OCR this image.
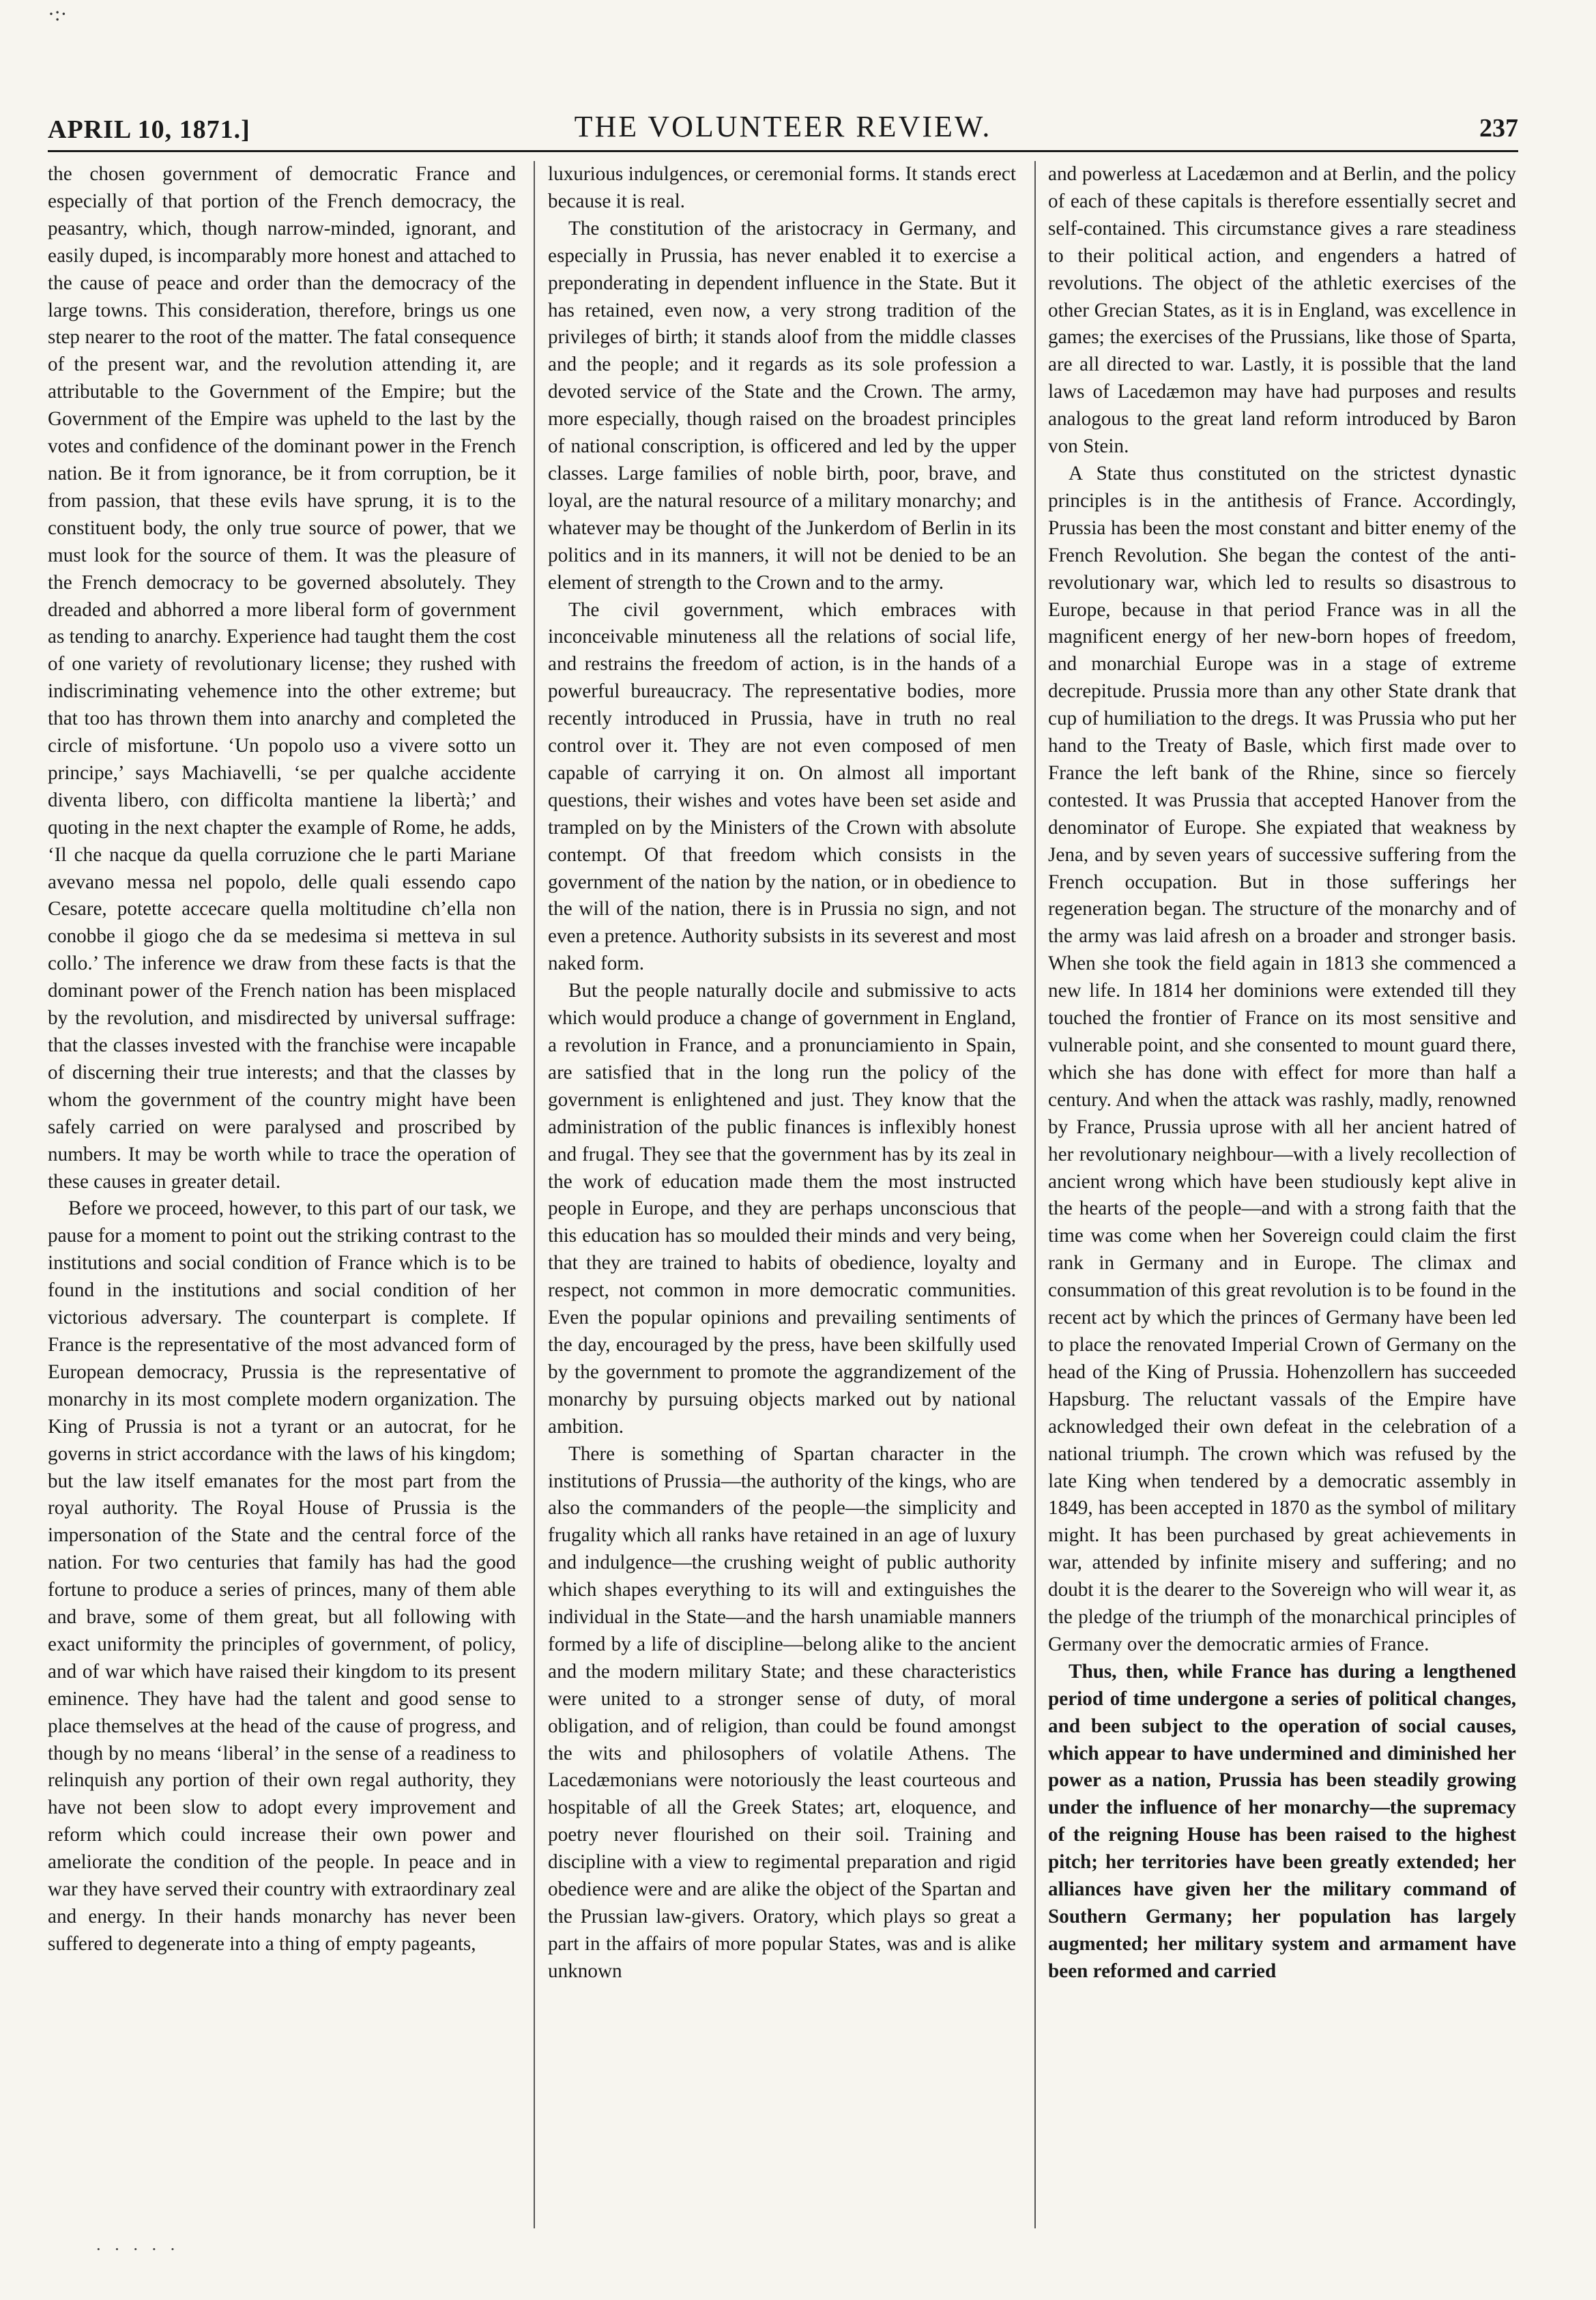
·:·
APRIL 10, 1871.]	THE VOLUNTEER REVIEW.	237

the chosen government of democratic France and especially of that portion of the French democracy, the peasantry, which, though narrow-minded, ignorant, and easily duped, is incomparably more honest and attached to the cause of peace and order than the democracy of the large towns. This consideration, therefore, brings us one step nearer to the root of the matter. The fatal consequence of the present war, and the revolution attending it, are attributable to the Government of the Empire; but the Government of the Empire was upheld to the last by the votes and confidence of the dominant power in the French nation. Be it from ignorance, be it from corruption, be it from passion, that these evils have sprung, it is to the constituent body, the only true source of power, that we must look for the source of them. It was the pleasure of the French democracy to be governed absolutely. They dreaded and abhorred a more liberal form of government as tending to anarchy. Experience had taught them the cost of one variety of revolutionary license; they rushed with indiscriminating vehemence into the other extreme; but that too has thrown them into anarchy and completed the circle of misfortune. ‘Un popolo uso a vivere sotto un principe,’ says Machiavelli, ‘se per qualche accidente diventa libero, con difficolta mantiene la libertà;’ and quoting in the next chapter the example of Rome, he adds, ‘Il che nacque da quella corruzione che le parti Mariane avevano messa nel popolo, delle quali essendo capo Cesare, potette accecare quella moltitudine ch’ella non conobbe il giogo che da se medesima si metteva in sul collo.’ The inference we draw from these facts is that the dominant power of the French nation has been misplaced by the revolution, and misdirected by universal suffrage: that the classes invested with the franchise were incapable of discerning their true interests; and that the classes by whom the government of the country might have been safely carried on were paralysed and proscribed by numbers. It may be worth while to trace the operation of these causes in greater detail.

Before we proceed, however, to this part of our task, we pause for a moment to point out the striking contrast to the institutions and social condition of France which is to be found in the institutions and social condition of her victorious adversary. The counterpart is complete. If France is the representative of the most advanced form of European democracy, Prussia is the representative of monarchy in its most complete modern organization. The King of Prussia is not a tyrant or an autocrat, for he governs in strict accordance with the laws of his kingdom; but the law itself emanates for the most part from the royal authority. The Royal House of Prussia is the impersonation of the State and the central force of the nation. For two centuries that family has had the good fortune to produce a series of princes, many of them able and brave, some of them great, but all following with exact uniformity the principles of government, of policy, and of war which have raised their kingdom to its present eminence. They have had the talent and good sense to place themselves at the head of the cause of progress, and though by no means ‘liberal’ in the sense of a readiness to relinquish any portion of their own regal authority, they have not been slow to adopt every improvement and reform which could increase their own power and ameliorate the condition of the people. In peace and in war they have served their country with extraordinary zeal and energy. In their hands monarchy has never been suffered to degenerate into a thing of empty pageants,

luxurious indulgences, or ceremonial forms. It stands erect because it is real.

The constitution of the aristocracy in Germany, and especially in Prussia, has never enabled it to exercise a preponderating in dependent influence in the State. But it has retained, even now, a very strong tradition of the privileges of birth; it stands aloof from the middle classes and the people; and it regards as its sole profession a devoted service of the State and the Crown. The army, more especially, though raised on the broadest principles of national conscription, is officered and led by the upper classes. Large families of noble birth, poor, brave, and loyal, are the natural resource of a military monarchy; and whatever may be thought of the Junkerdom of Berlin in its politics and in its manners, it will not be denied to be an element of strength to the Crown and to the army.

The civil government, which embraces with inconceivable minuteness all the relations of social life, and restrains the freedom of action, is in the hands of a powerful bureaucracy. The representative bodies, more recently introduced in Prussia, have in truth no real control over it. They are not even composed of men capable of carrying it on. On almost all important questions, their wishes and votes have been set aside and trampled on by the Ministers of the Crown with absolute contempt. Of that freedom which consists in the government of the nation by the nation, or in obedience to the will of the nation, there is in Prussia no sign, and not even a pretence. Authority subsists in its severest and most naked form.

But the people naturally docile and submissive to acts which would produce a change of government in England, a revolution in France, and a pronunciamiento in Spain, are satisfied that in the long run the policy of the government is enlightened and just. They know that the administration of the public finances is inflexibly honest and frugal. They see that the government has by its zeal in the work of education made them the most instructed people in Europe, and they are perhaps unconscious that this education has so moulded their minds and very being, that they are trained to habits of obedience, loyalty and respect, not common in more democratic communities. Even the popular opinions and prevailing sentiments of the day, encouraged by the press, have been skilfully used by the government to promote the aggrandizement of the monarchy by pursuing objects marked out by national ambition.

There is something of Spartan character in the institutions of Prussia—the authority of the kings, who are also the commanders of the people—the simplicity and frugality which all ranks have retained in an age of luxury and indulgence—the crushing weight of public authority which shapes everything to its will and extinguishes the individual in the State—and the harsh unamiable manners formed by a life of discipline—belong alike to the ancient and the modern military State; and these characteristics were united to a stronger sense of duty, of moral obligation, and of religion, than could be found amongst the wits and philosophers of volatile Athens. The Lacedæmonians were notoriously the least courteous and hospitable of all the Greek States; art, eloquence, and poetry never flourished on their soil. Training and discipline with a view to regimental preparation and rigid obedience were and are alike the object of the Spartan and the Prussian law-givers. Oratory, which plays so great a part in the affairs of more popular States, was and is alike unknown

and powerless at Lacedæmon and at Berlin, and the policy of each of these capitals is therefore essentially secret and self-contained. This circumstance gives a rare steadiness to their political action, and engenders a hatred of revolutions. The object of the athletic exercises of the other Grecian States, as it is in England, was excellence in games; the exercises of the Prussians, like those of Sparta, are all directed to war. Lastly, it is possible that the land laws of Lacedæmon may have had purposes and results analogous to the great land reform introduced by Baron von Stein.

A State thus constituted on the strictest dynastic principles is in the antithesis of France. Accordingly, Prussia has been the most constant and bitter enemy of the French Revolution. She began the contest of the anti-revolutionary war, which led to results so disastrous to Europe, because in that period France was in all the magnificent energy of her new-born hopes of freedom, and monarchial Europe was in a stage of extreme decrepitude. Prussia more than any other State drank that cup of humiliation to the dregs. It was Prussia who put her hand to the Treaty of Basle, which first made over to France the left bank of the Rhine, since so fiercely contested. It was Prussia that accepted Hanover from the denominator of Europe. She expiated that weakness by Jena, and by seven years of successive suffering from the French occupation. But in those sufferings her regeneration began. The structure of the monarchy and of the army was laid afresh on a broader and stronger basis. When she took the field again in 1813 she commenced a new life. In 1814 her dominions were extended till they touched the frontier of France on its most sensitive and vulnerable point, and she consented to mount guard there, which she has done with effect for more than half a century. And when the attack was rashly, madly, renowned by France, Prussia uprose with all her ancient hatred of her revolutionary neighbour—with a lively recollection of ancient wrong which have been studiously kept alive in the hearts of the people—and with a strong faith that the time was come when her Sovereign could claim the first rank in Germany and in Europe. The climax and consummation of this great revolution is to be found in the recent act by which the princes of Germany have been led to place the renovated Imperial Crown of Germany on the head of the King of Prussia. Hohenzollern has succeeded Hapsburg. The reluctant vassals of the Empire have acknowledged their own defeat in the celebration of a national triumph. The crown which was refused by the late King when tendered by a democratic assembly in 1849, has been accepted in 1870 as the symbol of military might. It has been purchased by great achievements in war, attended by infinite misery and suffering; and no doubt it is the dearer to the Sovereign who will wear it, as the pledge of the triumph of the monarchical principles of Germany over the democratic armies of France.

Thus, then, while France has during a lengthened period of time undergone a series of political changes, and been subject to the operation of social causes, which appear to have undermined and diminished her power as a nation, Prussia has been steadily growing under the influence of her monarchy—the supremacy of the reigning House has been raised to the highest pitch; her territories have been greatly extended; her alliances have given her the military command of Southern Germany; her population has largely augmented; her military system and armament have been reformed and carried

· · · · ·
